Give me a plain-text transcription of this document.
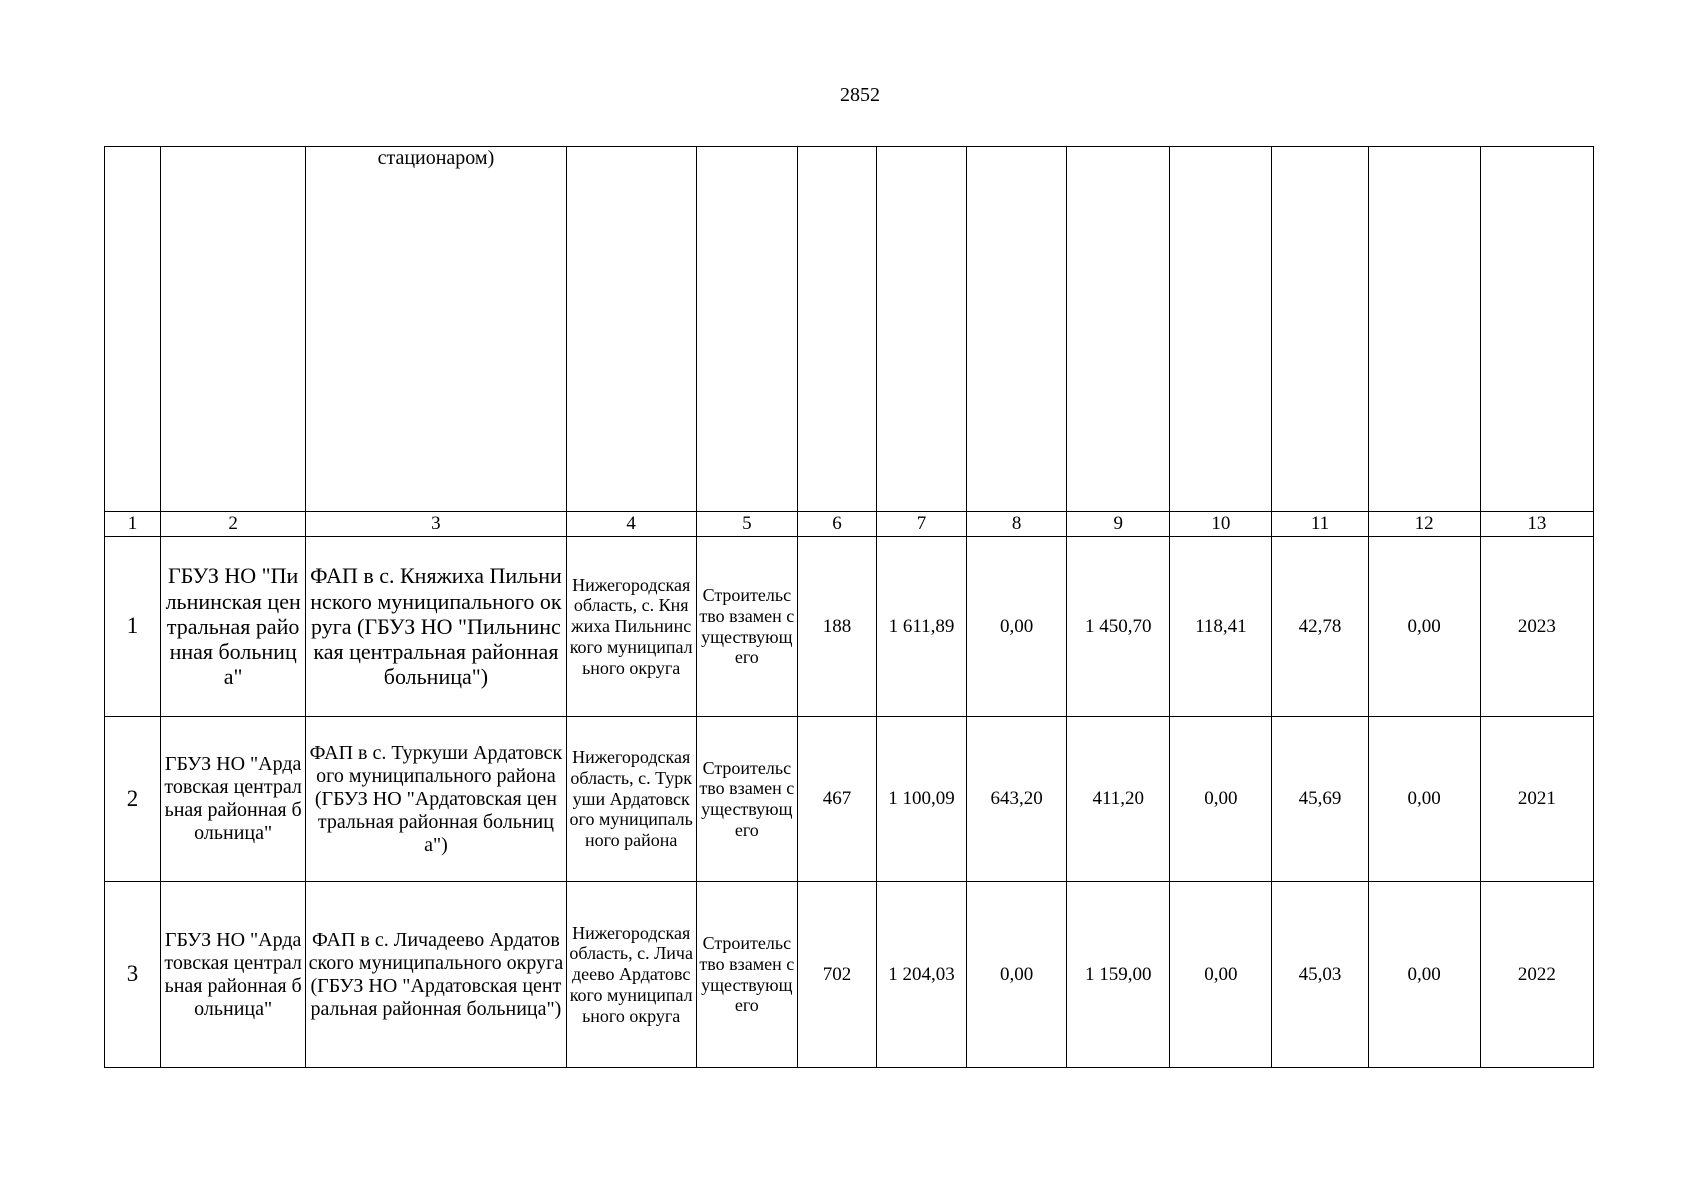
2852
		стационаром)										
1	2	3	4	5	6	7	8	9	10	11	12	13
1	ГБУЗ НО "Пильнинская центральная районная больница"	ФАП в с. Княжиха Пильнинского муниципального округа (ГБУЗ НО "Пильнинская центральная районная больница")	Нижегородская область, с. Княжиха Пильнинского муниципального округа	Строительство взамен существующего	188	1 611,89	0,00	1 450,70	118,41	42,78	0,00	2023
2	ГБУЗ НО "Ардатовская центральная районная больница"	ФАП в с. Туркуши Ардатовского муниципального района (ГБУЗ НО "Ардатовская цен тральная районная больница")	Нижегородская область, с. Туркуши Ардатовского муниципального района	Строительство взамен существующего	467	1 100,09	643,20	411,20	0,00	45,69	0,00	2021
3	ГБУЗ НО "Ардатовская центральная районная больница"	ФАП в с. Личадеево Ардатовского муниципального округа (ГБУЗ НО "Ардатовская центральная районная больница")	Нижегородская область, с. Личадеево Ардатовского муниципального округа	Строительство взамен существующего	702	1 204,03	0,00	1 159,00	0,00	45,03	0,00	2022
